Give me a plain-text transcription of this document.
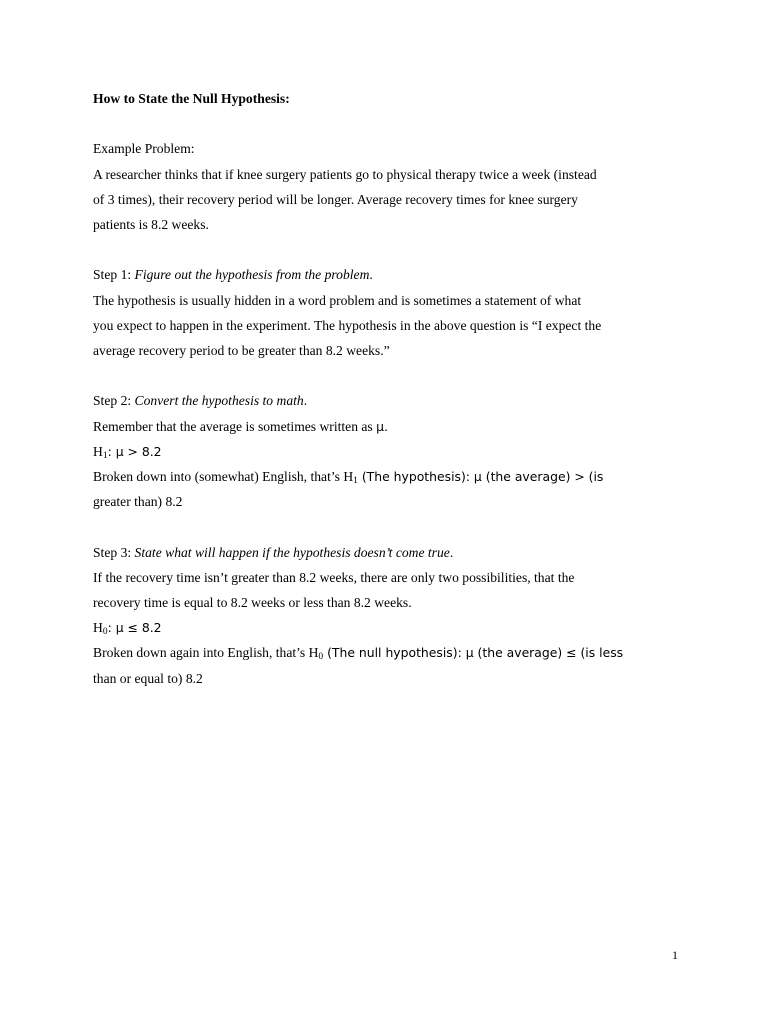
How to State the Null Hypothesis:

Example Problem:

A researcher thinks that if knee surgery patients go to physical therapy twice a week (instead

of 3 times), their recovery period will be longer. Average recovery times for knee surgery

patients is 8.2 weeks.

Step 1: Figure out the hypothesis from the problem.

The hypothesis is usually hidden in a word problem and is sometimes a statement of what

you expect to happen in the experiment. The hypothesis in the above question is “I expect the

average recovery period to be greater than 8.2 weeks.”

Step 2: Convert the hypothesis to math.

Remember that the average is sometimes written as μ.

$H_1$: μ > 8.2

Broken down into (somewhat) English, that’s $H_1$ (The hypothesis): μ (the average) > (is

greater than) 8.2

Step 3: State what will happen if the hypothesis doesn’t come true.

If the recovery time isn’t greater than 8.2 weeks, there are only two possibilities, that the

recovery time is equal to 8.2 weeks or less than 8.2 weeks.

$H_0$: μ ≤ 8.2

Broken down again into English, that’s $H_0$ (The null hypothesis): μ (the average) ≤ (is less

than or equal to) 8.2

1
